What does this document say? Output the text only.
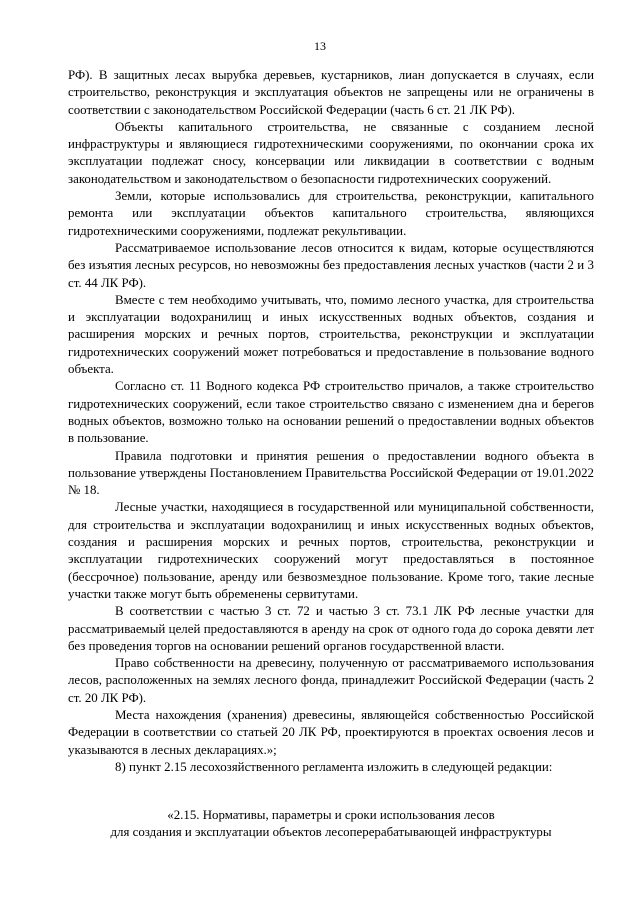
13

РФ). В защитных лесах вырубка деревьев, кустарников, лиан допускается в случаях, если строительство, реконструкция и эксплуатация объектов не запрещены или не ограничены в соответствии с законодательством Российской Федерации (часть 6 ст. 21 ЛК РФ).

Объекты капитального строительства, не связанные с созданием лесной инфраструктуры и являющиеся гидротехническими сооружениями, по окончании срока их эксплуатации подлежат сносу, консервации или ликвидации в соответствии с водным законодательством и законодательством о безопасности гидротехнических сооружений.

Земли, которые использовались для строительства, реконструкции, капитального ремонта или эксплуатации объектов капитального строительства, являющихся гидротехническими сооружениями, подлежат рекультивации.

Рассматриваемое использование лесов относится к видам, которые осуществляются без изъятия лесных ресурсов, но невозможны без предоставления лесных участков (части 2 и 3 ст. 44 ЛК РФ).

Вместе с тем необходимо учитывать, что, помимо лесного участка, для строительства и эксплуатации водохранилищ и иных искусственных водных объектов, создания и расширения морских и речных портов, строительства, реконструкции и эксплуатации гидротехнических сооружений может потребоваться и предоставление в пользование водного объекта.

Согласно ст. 11 Водного кодекса РФ строительство причалов, а также строительство гидротехнических сооружений, если такое строительство связано с изменением дна и берегов водных объектов, возможно только на основании решений о предоставлении водных объектов в пользование.

Правила подготовки и принятия решения о предоставлении водного объекта в пользование утверждены Постановлением Правительства Российской Федерации от 19.01.2022 № 18.

Лесные участки, находящиеся в государственной или муниципальной собственности, для строительства и эксплуатации водохранилищ и иных искусственных водных объектов, создания и расширения морских и речных портов, строительства, реконструкции и эксплуатации гидротехнических сооружений могут предоставляться в постоянное (бессрочное) пользование, аренду или безвозмездное пользование. Кроме того, такие лесные участки также могут быть обременены сервитутами.

В соответствии с частью 3 ст. 72 и частью 3 ст. 73.1 ЛК РФ лесные участки для рассматриваемый целей предоставляются в аренду на срок от одного года до сорока девяти лет без проведения торгов на основании решений органов государственной власти.

Право собственности на древесину, полученную от рассматриваемого использования лесов, расположенных на землях лесного фонда, принадлежит Российской Федерации (часть 2 ст. 20 ЛК РФ).

Места нахождения (хранения) древесины, являющейся собственностью Российской Федерации в соответствии со статьей 20 ЛК РФ, проектируются в проектах освоения лесов и указываются в лесных декларациях.»;

8) пункт 2.15 лесохозяйственного регламента изложить в следующей редакции:

«2.15. Нормативы, параметры и сроки использования лесов
для создания и эксплуатации объектов лесоперерабатывающей инфраструктуры
